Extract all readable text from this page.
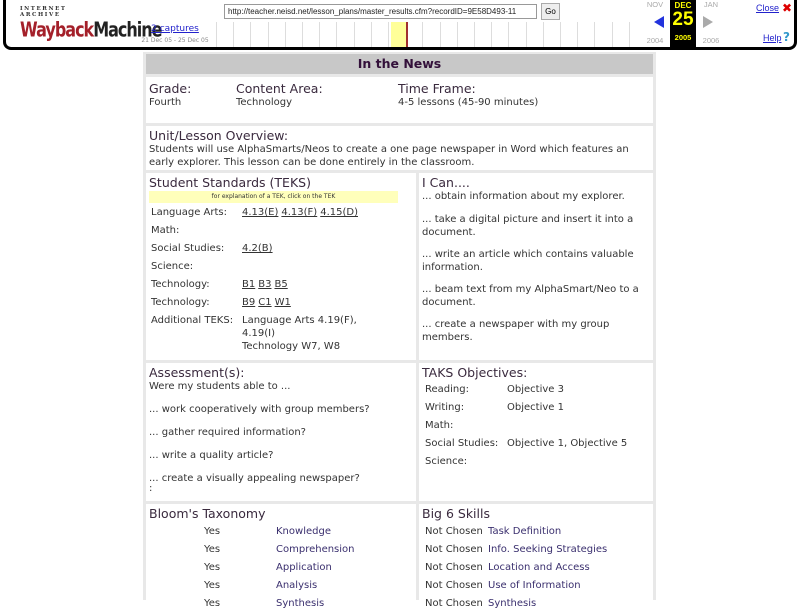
INTERNET ARCHIVE
WaybackMachine
2 captures
21 Dec 05 - 25 Dec 05
http://teacher.neisd.net/lesson_plans/master_results.cfm?recordID=9E58D493-11	Go
NOV
2004
DEC
25
2005
JAN
2006
Close ✖
Help ?
In the News
Grade:
Fourth
Content Area:
Technology
Time Frame:
4-5 lessons (45-90 minutes)
Unit/Lesson Overview:
Students will use AlphaSmarts/Neos to create a one page newspaper in Word which features an early explorer. This lesson can be done entirely in the classroom.
Student Standards (TEKS)
for explanation of a TEK, click on the TEK
Language Arts:	4.13(E) 4.13(F) 4.15(D)
Math:
Social Studies:	4.2(B)
Science:
Technology:	B1 B3 B5
Technology:	B9 C1 W1
Additional TEKS: Language Arts 4.19(F),
4.19(I)
Technology W7, W8
I Can....

... obtain information about my explorer.

... take a digital picture and insert it into a document.

... write an article which contains valuable information.

... beam text from my AlphaSmart/Neo to a document.

... create a newspaper with my group members.

Assessment(s):

Were my students able to ...

... work cooperatively with group members?

... gather required information?

... write a quality article?

... create a visually appealing newspaper?

:

TAKS Objectives:
Reading:	Objective 3
Writing:	Objective 1
Math:
Social Studies: Objective 1, Objective 5
Science:
Bloom's Taxonomy
Yes	Knowledge
Yes	Comprehension
Yes	Application
Yes	Analysis
Yes	Synthesis
Big 6 Skills
Not Chosen Task Definition
Not Chosen Info. Seeking Strategies
Not Chosen Location and Access
Not Chosen Use of Information
Not Chosen Synthesis
